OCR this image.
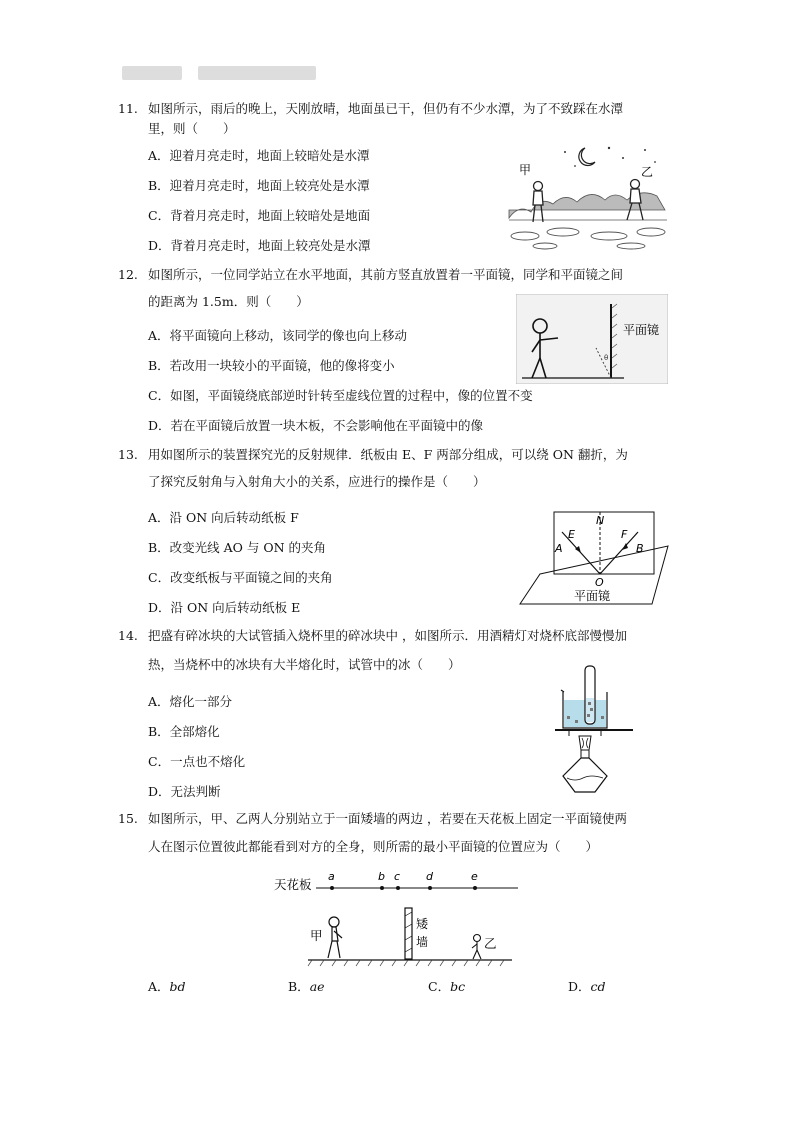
11. 如图所示，雨后的晚上，天刚放晴，地面虽已干，但仍有不少水潭，为了不致踩在水潭
里，则（　　）
A．迎着月亮走时，地面上较暗处是水潭
B．迎着月亮走时，地面上较亮处是水潭
C．背着月亮走时，地面上较暗处是地面
D．背着月亮走时，地面上较亮处是水潭
甲	乙
12. 如图所示，一位同学站立在水平地面，其前方竖直放置着一平面镜，同学和平面镜之间
的距离为 1.5m．则（　　）
A．将平面镜向上移动，该同学的像也向上移动
B．若改用一块较小的平面镜，他的像将变小
C．如图，平面镜绕底部逆时针转至虚线位置的过程中，像的位置不变
D．若在平面镜后放置一块木板，不会影响他在平面镜中的像
θ
平面镜
13. 用如图所示的装置探究光的反射规律．纸板由 E、F 两部分组成，可以绕 ON 翻折，为
了探究反射角与入射角大小的关系，应进行的操作是（　　）
A．沿 ON 向后转动纸板 F
B．改变光线 AO 与 ON 的夹角
C．改变纸板与平面镜之间的夹角
D．沿 ON 向后转动纸板 E
N
E	F
A	B
O
平面镜
14. 把盛有碎冰块的大试管插入烧杯里的碎冰块中 ，如图所示．用酒精灯对烧杯底部慢慢加
热，当烧杯中的冰块有大半熔化时，试管中的冰（　　）
A．熔化一部分
B．全部熔化
C．一点也不熔化
D．无法判断
15. 如图所示，甲、乙两人分别站立于一面矮墙的两边 ，若要在天花板上固定一平面镜使两
人在图示位置彼此都能看到对方的全身，则所需的最小平面镜的位置应为（　　）
天花板
a	b c d	e
甲
矮
墙	乙
A．bd	B．ae	C．bc	D．cd
